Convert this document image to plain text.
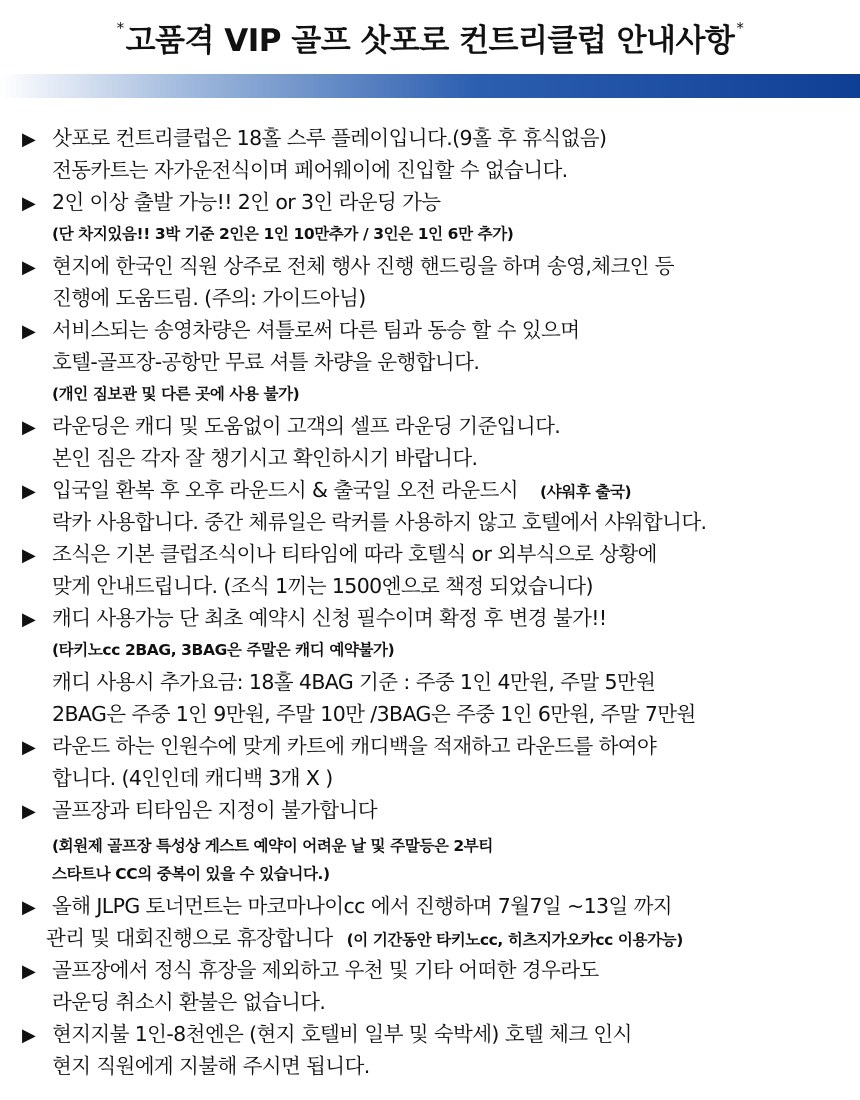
* 고품격 VIP 골프 삿포로 컨트리클럽 안내사항 *
▶ 삿포로 컨트리클럽은 18홀 스루 플레이입니다.(9홀 후 휴식없음)
전동카트는 자가운전식이며 페어웨이에 진입할 수 없습니다.
▶ 2인 이상 출발 가능!! 2인 or 3인 라운딩 가능
(단 차지있음!! 3박 기준 2인은 1인 10만추가 / 3인은 1인 6만 추가)
▶ 현지에 한국인 직원 상주로 전체 행사 진행 핸드링을 하며 송영,체크인 등
진행에 도움드림. (주의: 가이드아님)
▶ 서비스되는 송영차량은 셔틀로써 다른 팀과 동승 할 수 있으며
호텔-골프장-공항만 무료 셔틀 차량을 운행합니다.
(개인 짐보관 및 다른 곳에 사용 불가)
▶ 라운딩은 캐디 및 도움없이 고객의 셀프 라운딩 기준입니다.
본인 짐은 각자 잘 챙기시고 확인하시기 바랍니다.
▶ 입국일 환복 후 오후 라운드시 & 출국일 오전 라운드시 (샤워후 출국)
락카 사용합니다. 중간 체류일은 락커를 사용하지 않고 호텔에서 샤워합니다.
▶ 조식은 기본 클럽조식이나 티타임에 따라 호텔식 or 외부식으로 상황에
맞게 안내드립니다. (조식 1끼는 1500엔으로 책정 되었습니다)
▶ 캐디 사용가능 단 최초 예약시 신청 필수이며 확정 후 변경 불가!!
(타키노cc 2BAG, 3BAG은 주말은 캐디 예약불가)
캐디 사용시 추가요금: 18홀 4BAG 기준 : 주중 1인 4만원, 주말 5만원
2BAG은 주중 1인 9만원, 주말 10만 /3BAG은 주중 1인 6만원, 주말 7만원
▶ 라운드 하는 인원수에 맞게 카트에 캐디백을 적재하고 라운드를 하여야
합니다. (4인인데 캐디백 3개 X )
▶ 골프장과 티타임은 지정이 불가합니다
(회원제 골프장 특성상 게스트 예약이 어려운 날 및 주말등은 2부티
스타트나 CC의 중복이 있을 수 있습니다.)
▶ 올해 JLPG 토너먼트는 마코마나이cc 에서 진행하며 7월7일 ~13일 까지
관리 및 대회진행으로 휴장합니다 (이 기간동안 타키노cc, 히츠지가오카cc 이용가능)
▶ 골프장에서 정식 휴장을 제외하고 우천 및 기타 어떠한 경우라도
라운딩 취소시 환불은 없습니다.
▶ 현지지불 1인-8천엔은 (현지 호텔비 일부 및 숙박세) 호텔 체크 인시
현지 직원에게 지불해 주시면 됩니다.
